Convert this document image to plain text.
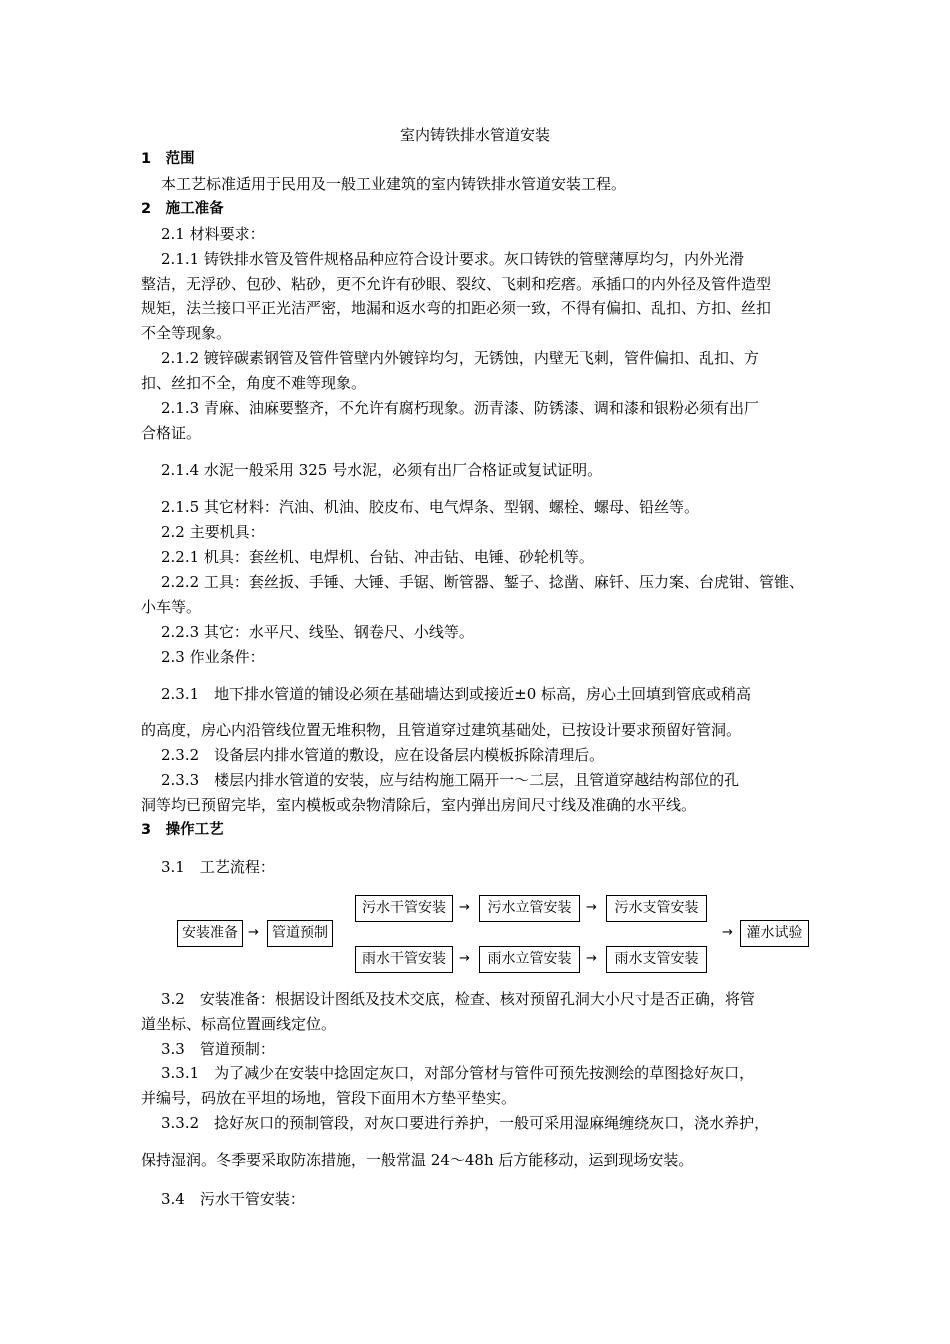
室内铸铁排水管道安装
1　范围
本工艺标准适用于民用及一般工业建筑的室内铸铁排水管道安装工程。
2　施工准备
2.1 材料要求：
2.1.1 铸铁排水管及管件规格品种应符合设计要求。灰口铸铁的管壁薄厚均匀，内外光滑
整洁，无浮砂、包砂、粘砂，更不允许有砂眼、裂纹、飞刺和疙瘩。承插口的内外径及管件造型
规矩，法兰接口平正光洁严密，地漏和返水弯的扣距必须一致，不得有偏扣、乱扣、方扣、丝扣
不全等现象。
2.1.2 镀锌碳素钢管及管件管壁内外镀锌均匀，无锈蚀，内壁无飞刺，管件偏扣、乱扣、方
扣、丝扣不全，角度不难等现象。
2.1.3 青麻、油麻要整齐，不允许有腐朽现象。沥青漆、防锈漆、调和漆和银粉必须有出厂
合格证。
2.1.4 水泥一般采用 325 号水泥，必须有出厂合格证或复试证明。
2.1.5 其它材料：汽油、机油、胶皮布、电气焊条、型钢、螺栓、螺母、铅丝等。
2.2 主要机具：
2.2.1 机具：套丝机、电焊机、台钻、冲击钻、电锤、砂轮机等。
2.2.2 工具：套丝扳、手锤、大锤、手锯、断管器、錾子、捻凿、麻钎、压力案、台虎钳、管锥、
小车等。
2.2.3 其它：水平尺、线坠、钢卷尺、小线等。
2.3 作业条件：
2.3.1　地下排水管道的铺设必须在基础墙达到或接近±0 标高，房心土回填到管底或稍高
的高度，房心内沿管线位置无堆积物，且管道穿过建筑基础处，已按设计要求预留好管洞。
2.3.2　设备层内排水管道的敷设，应在设备层内模板拆除清理后。
2.3.3　楼层内排水管道的安装，应与结构施工隔开一～二层，且管道穿越结构部位的孔
洞等均已预留完毕，室内模板或杂物清除后，室内弹出房间尺寸线及准确的水平线。
3　操作工艺
3.1　工艺流程：
安装准备 → 管道预制
污水干管安装	→	污水立管安装	→	污水支管安装
雨水干管安装	→	雨水立管安装	→	雨水支管安装
→ 灌水试验
3.2　安装准备：根据设计图纸及技术交底，检查、核对预留孔洞大小尺寸是否正确，将管
道坐标、标高位置画线定位。
3.3　管道预制：
3.3.1　为了减少在安装中捻固定灰口，对部分管材与管件可预先按测绘的草图捻好灰口，
并编号，码放在平坦的场地，管段下面用木方垫平垫实。
3.3.2　捻好灰口的预制管段，对灰口要进行养护，一般可采用湿麻绳缠绕灰口，浇水养护，
保持湿润。冬季要采取防冻措施，一般常温 24～48h 后方能移动，运到现场安装。
3.4　污水干管安装：
